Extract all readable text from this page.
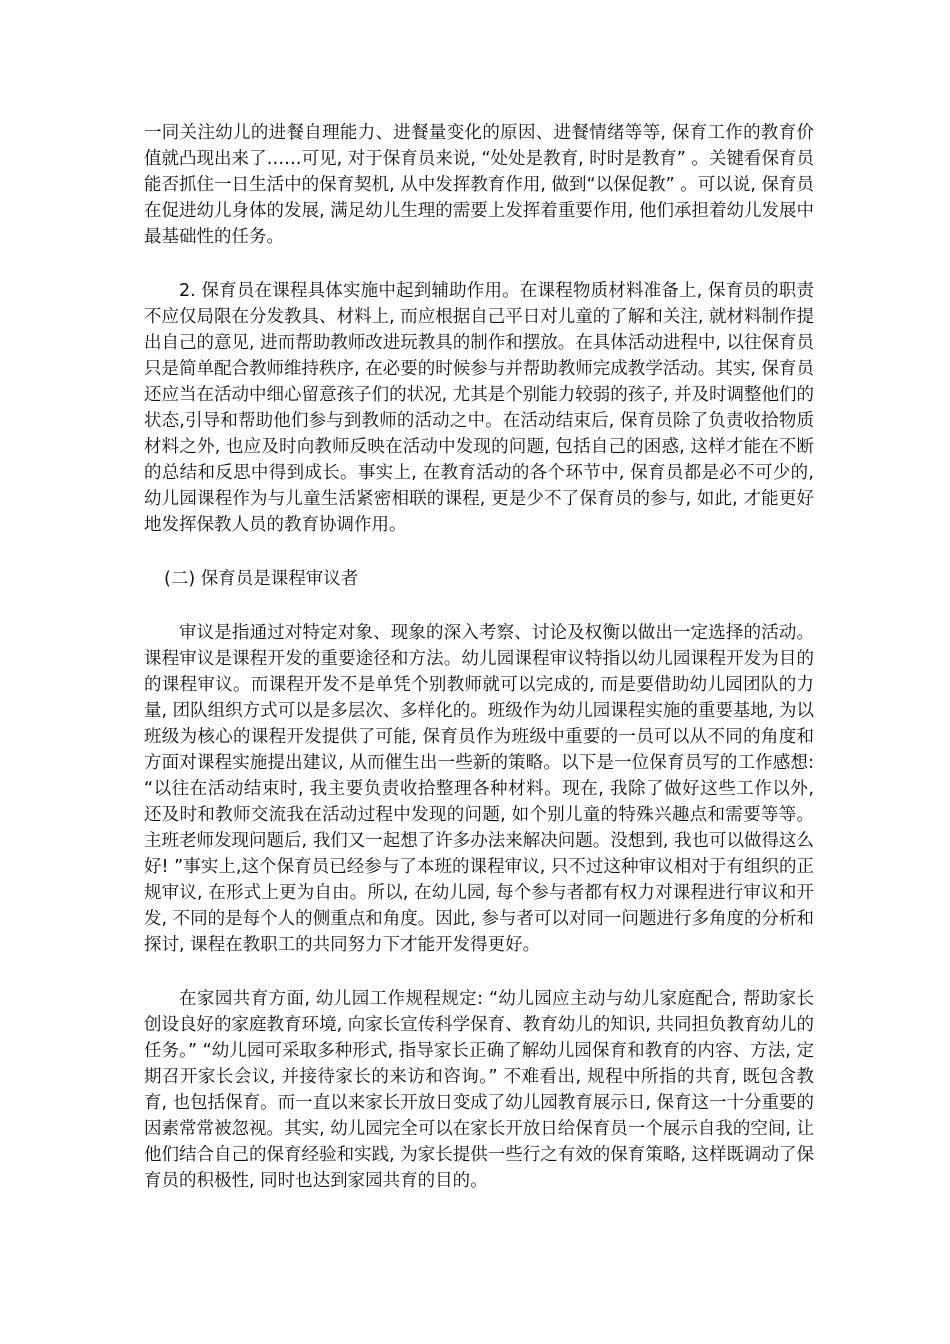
一同关注幼儿的进餐自理能力、进餐量变化的原因、进餐情绪等等, 保育工作的教育价值就凸现出来了……可见, 对于保育员来说, “处处是教育, 时时是教育” 。关键看保育员能否抓住一日生活中的保育契机, 从中发挥教育作用, 做到“以保促教” 。可以说, 保育员在促进幼儿身体的发展, 满足幼儿生理的需要上发挥着重要作用, 他们承担着幼儿发展中最基础性的任务。

2. 保育员在课程具体实施中起到辅助作用。在课程物质材料准备上, 保育员的职责不应仅局限在分发教具、材料上, 而应根据自己平日对儿童的了解和关注, 就材料制作提出自己的意见, 进而帮助教师改进玩教具的制作和摆放。在具体活动进程中, 以往保育员只是简单配合教师维持秩序, 在必要的时候参与并帮助教师完成教学活动。其实, 保育员还应当在活动中细心留意孩子们的状况, 尤其是个别能力较弱的孩子, 并及时调整他们的状态,引导和帮助他们参与到教师的活动之中。在活动结束后, 保育员除了负责收拾物质材料之外, 也应及时向教师反映在活动中发现的问题, 包括自己的困惑, 这样才能在不断的总结和反思中得到成长。事实上, 在教育活动的各个环节中, 保育员都是必不可少的, 幼儿园课程作为与儿童生活紧密相联的课程, 更是少不了保育员的参与, 如此, 才能更好地发挥保教人员的教育协调作用。

(二) 保育员是课程审议者

审议是指通过对特定对象、现象的深入考察、讨论及权衡以做出一定选择的活动。课程审议是课程开发的重要途径和方法。幼儿园课程审议特指以幼儿园课程开发为目的的课程审议。而课程开发不是单凭个别教师就可以完成的, 而是要借助幼儿园团队的力量, 团队组织方式可以是多层次、多样化的。班级作为幼儿园课程实施的重要基地, 为以班级为核心的课程开发提供了可能, 保育员作为班级中重要的一员可以从不同的角度和方面对课程实施提出建议, 从而催生出一些新的策略。以下是一位保育员写的工作感想: “以往在活动结束时, 我主要负责收拾整理各种材料。现在, 我除了做好这些工作以外, 还及时和教师交流我在活动过程中发现的问题, 如个别儿童的特殊兴趣点和需要等等。主班老师发现问题后, 我们又一起想了许多办法来解决问题。没想到, 我也可以做得这么好! ”事实上,这个保育员已经参与了本班的课程审议, 只不过这种审议相对于有组织的正规审议, 在形式上更为自由。所以, 在幼儿园, 每个参与者都有权力对课程进行审议和开发, 不同的是每个人的侧重点和角度。因此, 参与者可以对同一问题进行多角度的分析和探讨, 课程在教职工的共同努力下才能开发得更好。

在家园共育方面, 幼儿园工作规程规定: “幼儿园应主动与幼儿家庭配合, 帮助家长创设良好的家庭教育环境, 向家长宣传科学保育、教育幼儿的知识, 共同担负教育幼儿的任务。” “幼儿园可采取多种形式, 指导家长正确了解幼儿园保育和教育的内容、方法, 定期召开家长会议, 并接待家长的来访和咨询。” 不难看出, 规程中所指的共育, 既包含教育, 也包括保育。而一直以来家长开放日变成了幼儿园教育展示日, 保育这一十分重要的因素常常被忽视。其实, 幼儿园完全可以在家长开放日给保育员一个展示自我的空间, 让他们结合自己的保育经验和实践, 为家长提供一些行之有效的保育策略, 这样既调动了保育员的积极性, 同时也达到家园共育的目的。
